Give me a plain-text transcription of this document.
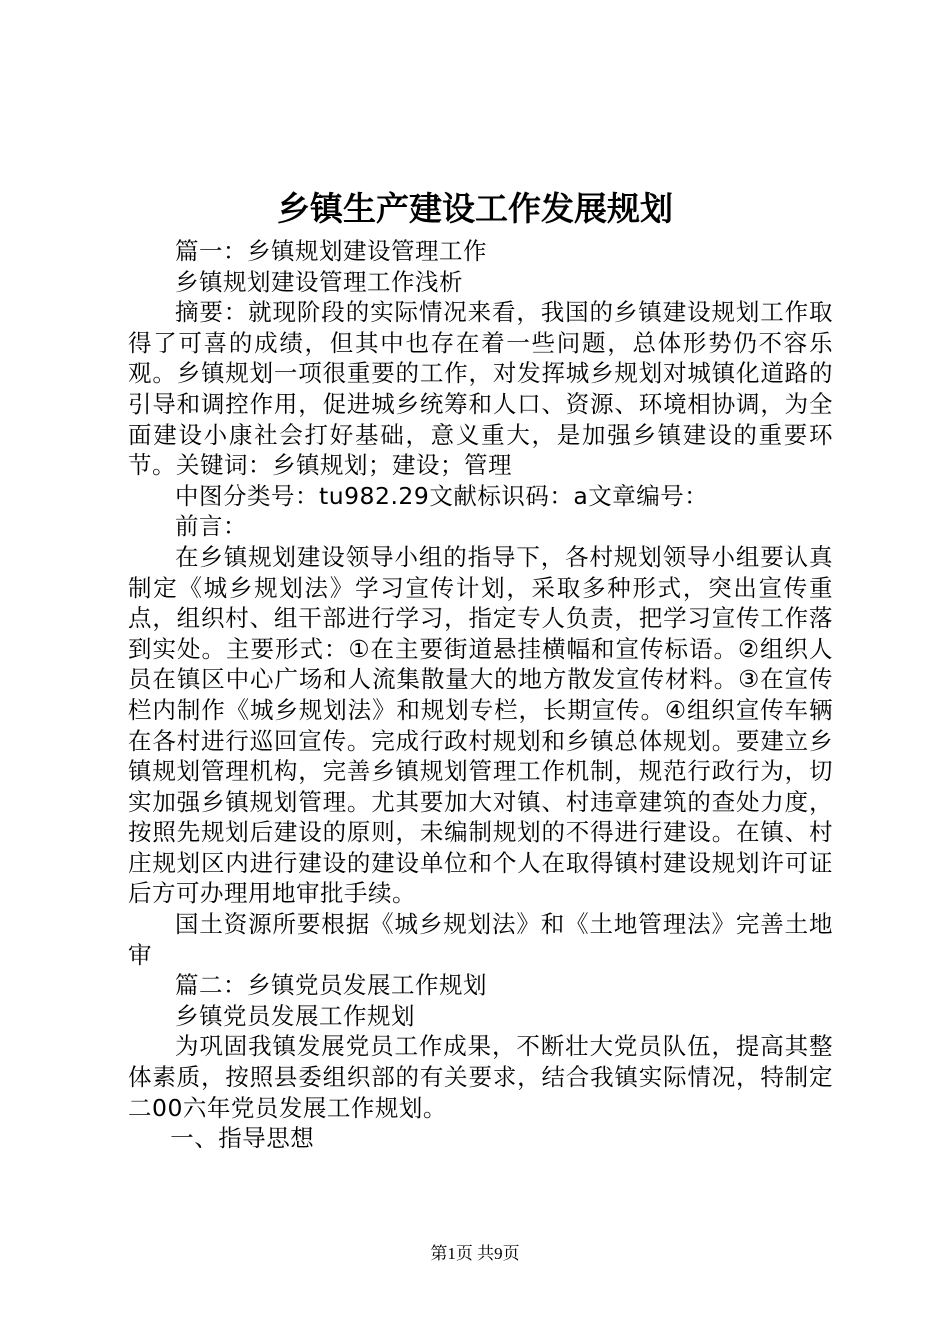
乡镇生产建设工作发展规划

篇一：乡镇规划建设管理工作

乡镇规划建设管理工作浅析

摘要：就现阶段的实际情况来看，我国的乡镇建设规划工作取得了可喜的成绩，但其中也存在着一些问题，总体形势仍不容乐观。乡镇规划一项很重要的工作，对发挥城乡规划对城镇化道路的引导和调控作用，促进城乡统筹和人口、资源、环境相协调，为全面建设小康社会打好基础，意义重大，是加强乡镇建设的重要环节。关键词：乡镇规划；建设；管理

中图分类号：tu982.29文献标识码：a文章编号：

前言：

在乡镇规划建设领导小组的指导下，各村规划领导小组要认真制定《城乡规划法》学习宣传计划，采取多种形式，突出宣传重点，组织村、组干部进行学习，指定专人负责，把学习宣传工作落到实处。主要形式：①在主要街道悬挂横幅和宣传标语。②组织人员在镇区中心广场和人流集散量大的地方散发宣传材料。③在宣传栏内制作《城乡规划法》和规划专栏，长期宣传。④组织宣传车辆在各村进行巡回宣传。完成行政村规划和乡镇总体规划。要建立乡镇规划管理机构，完善乡镇规划管理工作机制，规范行政行为，切实加强乡镇规划管理。尤其要加大对镇、村违章建筑的查处力度，按照先规划后建设的原则，未编制规划的不得进行建设。在镇、村庄规划区内进行建设的建设单位和个人在取得镇村建设规划许可证后方可办理用地审批手续。

国土资源所要根据《城乡规划法》和《土地管理法》完善土地审

篇二：乡镇党员发展工作规划

乡镇党员发展工作规划

为巩固我镇发展党员工作成果，不断壮大党员队伍，提高其整体素质，按照县委组织部的有关要求，结合我镇实际情况，特制定二00六年党员发展工作规划。

一、指导思想

第1页 共9页
